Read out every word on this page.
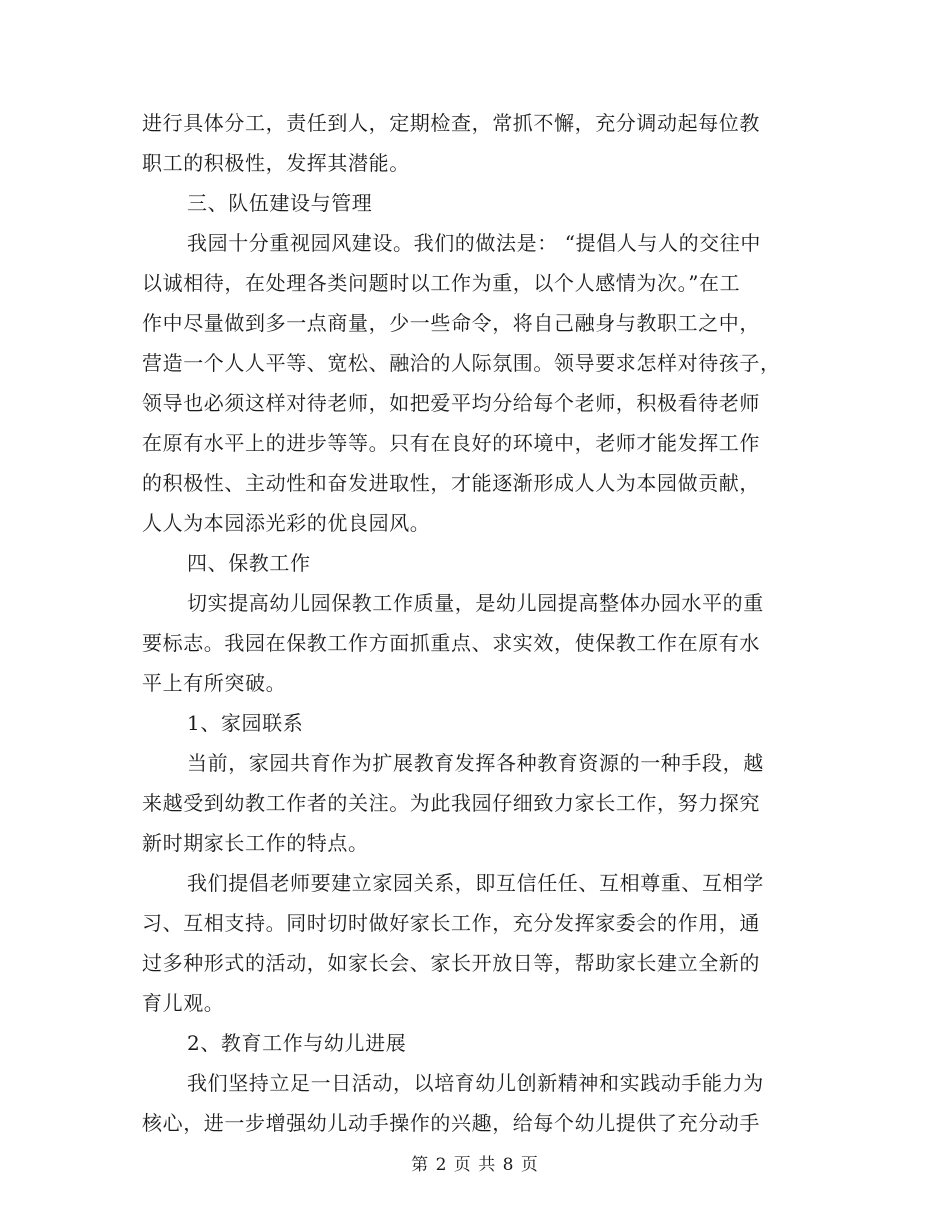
进行具体分工，责任到人，定期检查，常抓不懈，充分调动起每位教
职工的积极性，发挥其潜能。
三、队伍建设与管理
我园十分重视园风建设。我们的做法是： “提倡人与人的交往中
以诚相待，在处理各类问题时以工作为重，以个人感情为次。”在工
作中尽量做到多一点商量，少一些命令，将自己融身与教职工之中，
营造一个人人平等、宽松、融洽的人际氛围。领导要求怎样对待孩子，
领导也必须这样对待老师，如把爱平均分给每个老师，积极看待老师
在原有水平上的进步等等。只有在良好的环境中，老师才能发挥工作
的积极性、主动性和奋发进取性，才能逐渐形成人人为本园做贡献，
人人为本园添光彩的优良园风。
四、保教工作
切实提高幼儿园保教工作质量，是幼儿园提高整体办园水平的重
要标志。我园在保教工作方面抓重点、求实效，使保教工作在原有水
平上有所突破。
1、家园联系
当前，家园共育作为扩展教育发挥各种教育资源的一种手段，越
来越受到幼教工作者的关注。为此我园仔细致力家长工作，努力探究
新时期家长工作的特点。
我们提倡老师要建立家园关系，即互信任任、互相尊重、互相学
习、互相支持。同时切时做好家长工作，充分发挥家委会的作用，通
过多种形式的活动，如家长会、家长开放日等，帮助家长建立全新的
育儿观。
2、教育工作与幼儿进展
我们坚持立足一日活动，以培育幼儿创新精神和实践动手能力为
核心，进一步增强幼儿动手操作的兴趣，给每个幼儿提供了充分动手
第 2 页 共 8 页
